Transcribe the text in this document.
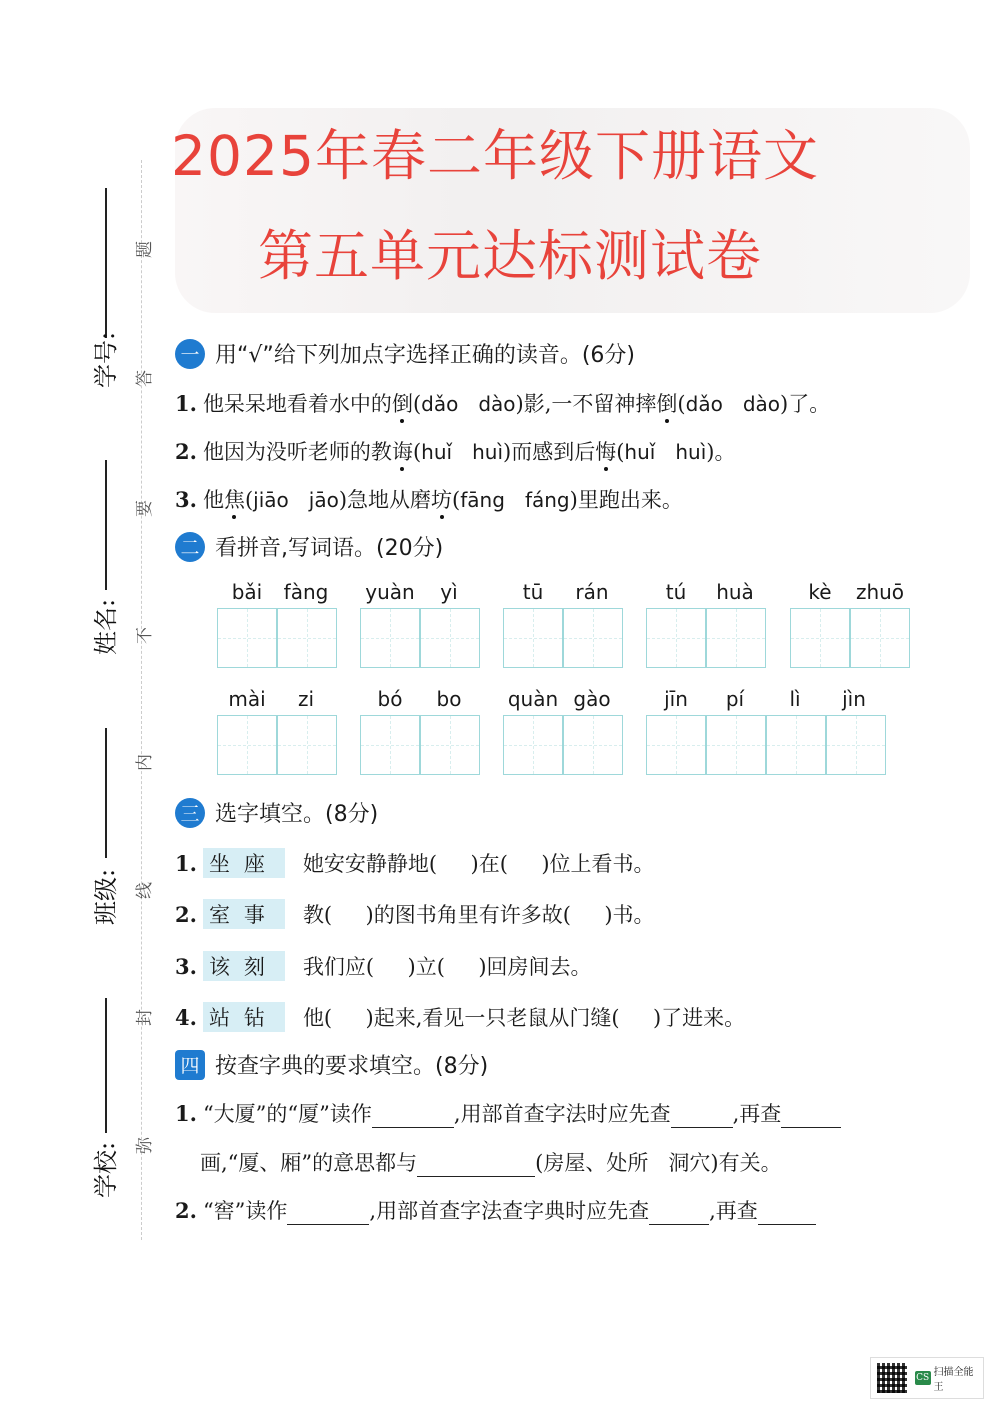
2025年春二年级下册语文
第五单元达标测试卷
学号:
姓名:
班级:
学校:
题
答
要
不
内
线
封
弥
一 用“√”给下列加点字选择正确的读音。(6分)
1. 他呆呆地看着水中的倒(dǎo dào)影,一不留神摔倒(dǎo dào)了。
2. 他因为没听老师的教诲(huǐ huì)而感到后悔(huǐ huì)。
3. 他焦(jiāo jāo)急地从磨坊(fāng fáng)里跑出来。
二 看拼音,写词语。(20分)
bǎi	fàng	yuàn	yì	tū	rán	tú	huà	kè	zhuō
mài	zi	bó	bo	quàn gào	jīn	pí	lì	jìn
三 选字填空。(8分)
1. 坐座 她安安静静地( )在( )位上看书。
2. 室事 教( )的图书角里有许多故( )书。
3. 该刻 我们应( )立( )回房间去。
4. 站钻 他( )起来,看见一只老鼠从门缝( )了进来。
四 按查字典的要求填空。(8分)
1. “大厦”的“厦”读作	,用部首查字法时应先查	,再查
画,“厦、厢”的意思都与	(房屋、处所 洞穴)有关。
2. “窖”读作	,用部首查字法查字典时应先查	,再查
CS 扫描全能王
